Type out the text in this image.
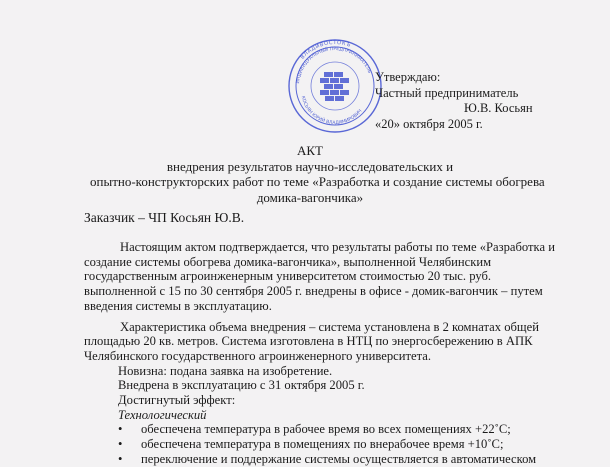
ВЛАДИВОСТОКЪ
ИНДИВИДУАЛЬНЫЙ ПРЕДПРИНИМАТЕЛЬ
КОСЬЯН ЮРИЙ ВЛАДИМИРОВИЧ
Утверждаю:
Частный предприниматель
Ю.В. Косьян
«20» октября 2005 г.
АКТ
внедрения результатов научно-исследовательских и
опытно-конструкторских работ по теме «Разработка и создание системы обогрева
домика-вагончика»
Заказчик – ЧП Косьян Ю.В.
Настоящим актом подтверждается, что результаты работы по теме «Разработка и
создание системы обогрева домика-вагончика», выполненной Челябинским
государственным агроинженерным университетом стоимостью 20 тыс. руб.
выполненной с 15 по 30 сентября 2005 г. внедрены в офисе - домик-вагончик – путем
введения системы в эксплуатацию.
Характеристика объема внедрения – система установлена в 2 комнатах общей
площадью 20 кв. метров. Система изготовлена в НТЦ по энергосбережению в АПК
Челябинского государственного агроинженерного университета.
Новизна: подана заявка на изобретение.
Внедрена в эксплуатацию с 31 октября 2005 г.
Достигнутый эффект:
Технологический
• обеспечена температура в рабочее время во всех помещениях +22˚С;
• обеспечена температура в помещениях по внерабочее время +10˚С;
• переключение и поддержание системы осуществляется в автоматическом
